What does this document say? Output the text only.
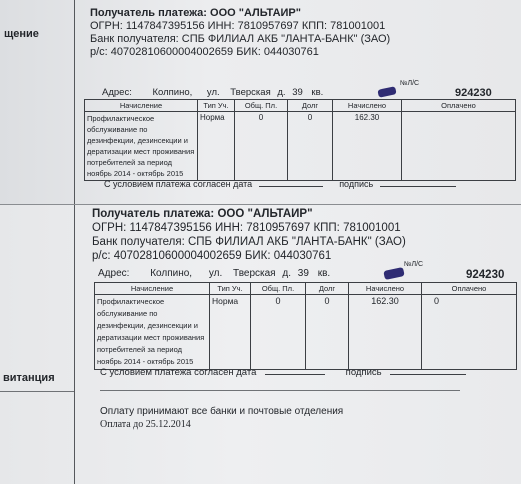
щение
Получатель платежа: ООО "АЛЬТАИР"
ОГРН: 1147847395156 ИНН: 7810957697 КПП: 781001001
Банк получателя: СПБ ФИЛИАЛ АКБ "ЛАНТА-БАНК" (ЗАО)
р/с: 40702810600004002659 БИК: 044030761
Адрес: Колпино, ул. Тверская д. 39 кв.
№Л/С
924230
Начисление	Тип Уч.	Общ. Пл.	Долг	Начислено	Оплачено
Профилактическое обслуживание по дезинфекции, дезинсекции и дератизации мест проживания потребителей за период ноябрь 2014 - октябрь 2015	Норма	0	0	162.30	
С условием платежа согласен дата	подпись
витанция
Получатель платежа: ООО "АЛЬТАИР"
ОГРН: 1147847395156 ИНН: 7810957697 КПП: 781001001
Банк получателя: СПБ ФИЛИАЛ АКБ "ЛАНТА-БАНК" (ЗАО)
р/с: 40702810600004002659 БИК: 044030761
Адрес: Колпино, ул. Тверская д. 39 кв.
№Л/С
924230
Начисление	Тип Уч.	Общ. Пл.	Долг	Начислено	Оплачено
Профилактическое обслуживание по дезинфекции, дезинсекции и дератизации мест проживания потребителей за период ноябрь 2014 - октябрь 2015	Норма	0	0	162.30	0
С условием платежа согласен дата	подпись
Оплату принимают все банки и почтовые отделения
Оплата до 25.12.2014
